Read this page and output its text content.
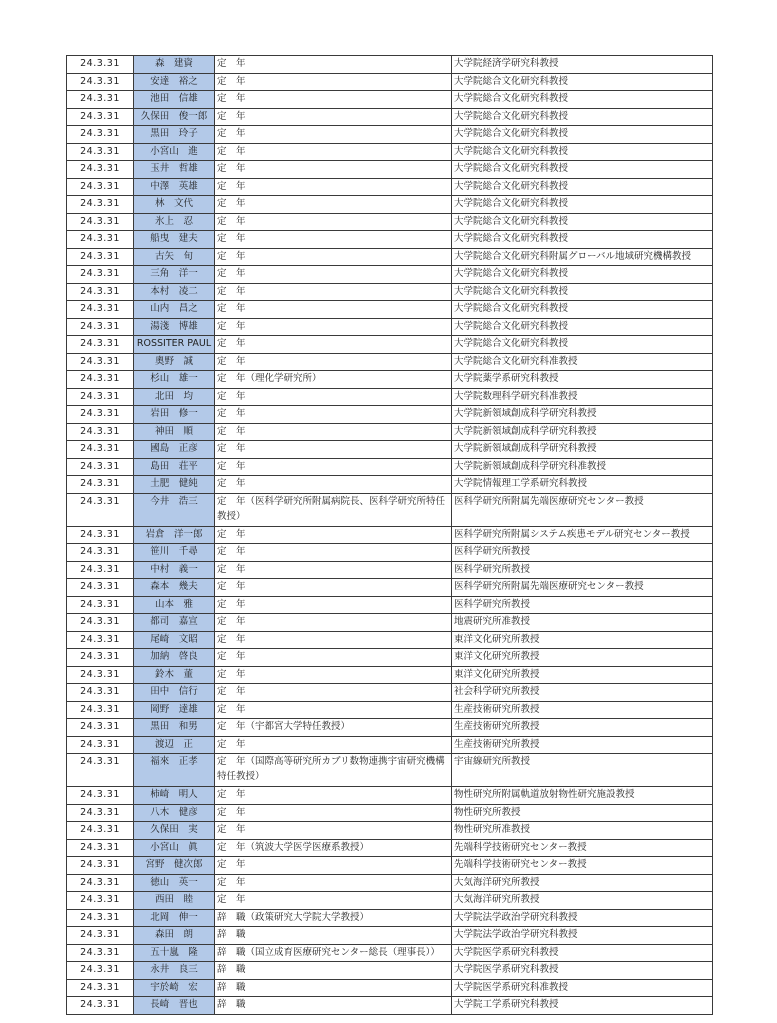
24.3.31	森　建資	定　年	大学院経済学研究科教授
24.3.31	安達　裕之	定　年	大学院総合文化研究科教授
24.3.31	池田　信雄	定　年	大学院総合文化研究科教授
24.3.31	久保田　俊一郎	定　年	大学院総合文化研究科教授
24.3.31	黒田　玲子	定　年	大学院総合文化研究科教授
24.3.31	小宮山　進	定　年	大学院総合文化研究科教授
24.3.31	玉井　哲雄	定　年	大学院総合文化研究科教授
24.3.31	中澤　英雄	定　年	大学院総合文化研究科教授
24.3.31	林　文代	定　年	大学院総合文化研究科教授
24.3.31	氷上　忍	定　年	大学院総合文化研究科教授
24.3.31	船曳　建夫	定　年	大学院総合文化研究科教授
24.3.31	古矢　旬	定　年	大学院総合文化研究科附属グローバル地域研究機構教授
24.3.31	三角　洋一	定　年	大学院総合文化研究科教授
24.3.31	本村　凌二	定　年	大学院総合文化研究科教授
24.3.31	山内　昌之	定　年	大学院総合文化研究科教授
24.3.31	湯淺　博雄	定　年	大学院総合文化研究科教授
24.3.31	ROSSITER PAUL	定　年	大学院総合文化研究科教授
24.3.31	奧野　誠	定　年	大学院総合文化研究科准教授
24.3.31	杉山　雄一	定　年（理化学研究所）	大学院薬学系研究科教授
24.3.31	北田　均	定　年	大学院数理科学研究科准教授
24.3.31	岩田　修一	定　年	大学院新領域創成科学研究科教授
24.3.31	神田　順	定　年	大学院新領域創成科学研究科教授
24.3.31	國島　正彦	定　年	大学院新領域創成科学研究科教授
24.3.31	島田　荘平	定　年	大学院新領域創成科学研究科准教授
24.3.31	土肥　健純	定　年	大学院情報理工学系研究科教授
24.3.31	今井　浩三	定　年（医科学研究所附属病院長、医科学研究所特任教授）	医科学研究所附属先端医療研究センター教授
24.3.31	岩倉　洋一郎	定　年	医科学研究所附属システム疾患モデル研究センター教授
24.3.31	笹川　千尋	定　年	医科学研究所教授
24.3.31	中村　義一	定　年	医科学研究所教授
24.3.31	森本　幾夫	定　年	医科学研究所附属先端医療研究センター教授
24.3.31	山本　雅	定　年	医科学研究所教授
24.3.31	都司　嘉宣	定　年	地震研究所准教授
24.3.31	尾崎　文昭	定　年	東洋文化研究所教授
24.3.31	加納　啓良	定　年	東洋文化研究所教授
24.3.31	鈴木　董	定　年	東洋文化研究所教授
24.3.31	田中　信行	定　年	社会科学研究所教授
24.3.31	岡野　達雄	定　年	生産技術研究所教授
24.3.31	黒田　和男	定　年（宇都宮大学特任教授）	生産技術研究所教授
24.3.31	渡辺　正	定　年	生産技術研究所教授
24.3.31	福來　正孝	定　年（国際高等研究所カブリ数物連携宇宙研究機構特任教授）	宇宙線研究所教授
24.3.31	柿崎　明人	定　年	物性研究所附属軌道放射物性研究施設教授
24.3.31	八木　健彦	定　年	物性研究所教授
24.3.31	久保田　実	定　年	物性研究所准教授
24.3.31	小宮山　眞	定　年（筑波大学医学医療系教授）	先端科学技術研究センター教授
24.3.31	宮野　健次郎	定　年	先端科学技術研究センター教授
24.3.31	徳山　英一	定　年	大気海洋研究所教授
24.3.31	西田　睦	定　年	大気海洋研究所教授
24.3.31	北岡　伸一	辞　職（政策研究大学院大学教授）	大学院法学政治学研究科教授
24.3.31	森田　朗	辞　職	大学院法学政治学研究科教授
24.3.31	五十嵐　隆	辞　職（国立成育医療研究センター総長（理事長））	大学院医学系研究科教授
24.3.31	永井　良三	辞　職	大学院医学系研究科教授
24.3.31	宇於崎　宏	辞　職	大学院医学系研究科准教授
24.3.31	長崎　晋也	辞　職	大学院工学系研究科教授
